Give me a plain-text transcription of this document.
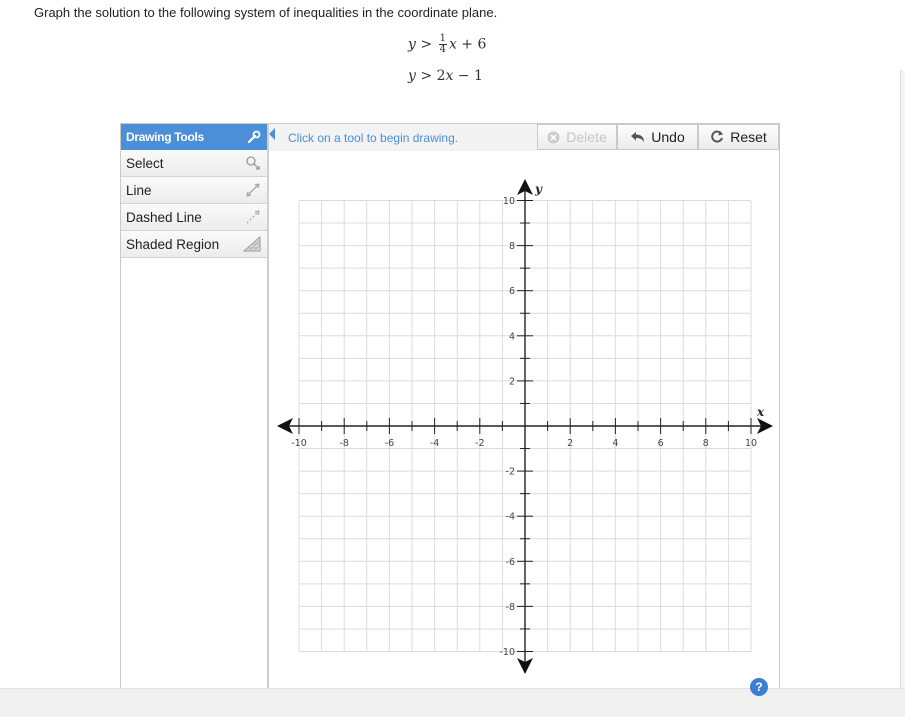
Graph the solution to the following system of inequalities in the coordinate plane.
$y > \frac{1}{4}$ x + 6
y > 2x − 1
Drawing Tools
Select
Line
Dashed Line
Shaded Region
Click on a tool to begin drawing.	Delete	Undo	Reset
x
y
-10	-8	-6	-4	-2	2	4	6	8	10
10
8
6
4
2
-2
-4
-6
-8
-10
?
